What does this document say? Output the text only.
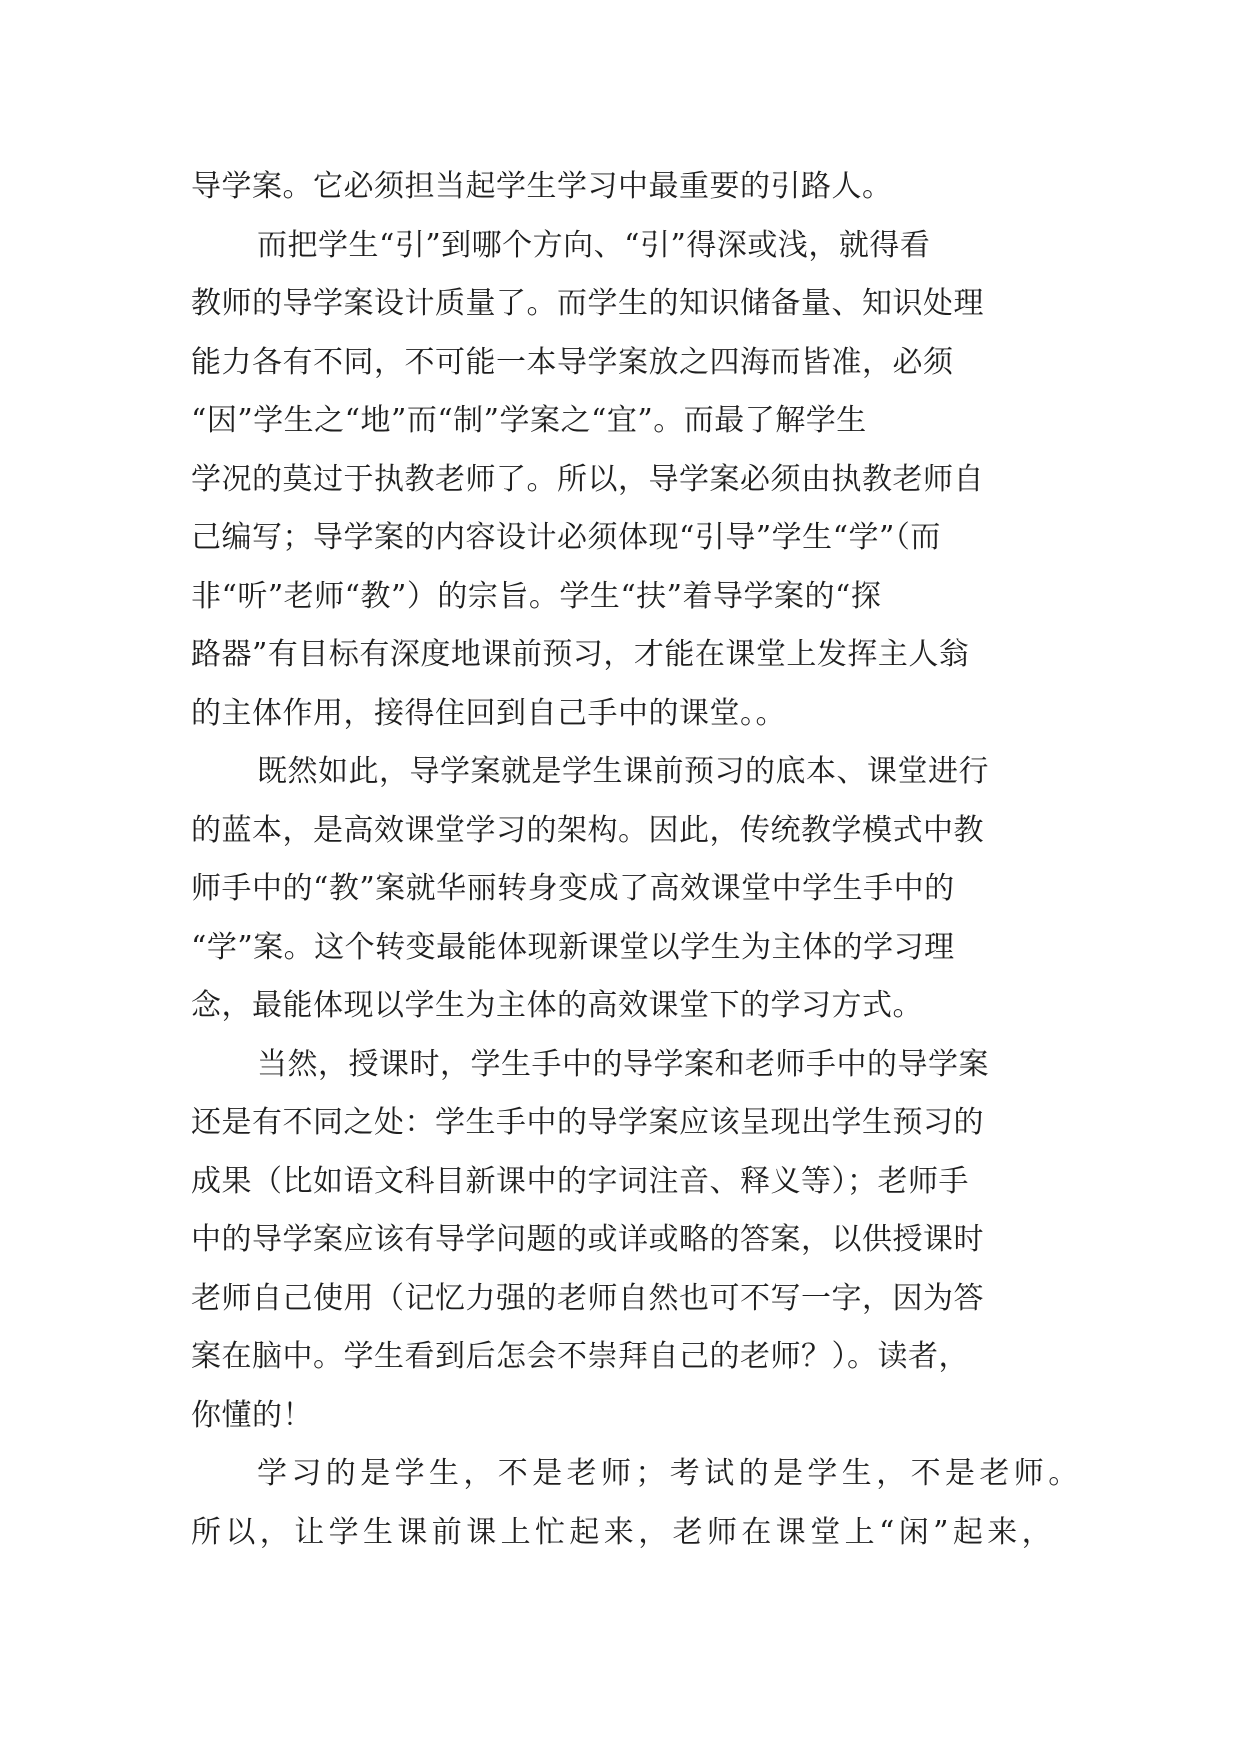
导学案。它必须担当起学生学习中最重要的引路人。
而把学生“引”到哪个方向、“引”得深或浅，就得看
教师的导学案设计质量了。而学生的知识储备量、知识处理
能力各有不同，不可能一本导学案放之四海而皆准，必须
“因”学生之“地”而“制”学案之“宜”。而最了解学生
学况的莫过于执教老师了。所以，导学案必须由执教老师自
己编写；导学案的内容设计必须体现“引导”学生“学”（而
非“听”老师“教”）的宗旨。学生“扶”着导学案的“探
路器”有目标有深度地课前预习，才能在课堂上发挥主人翁
的主体作用，接得住回到自己手中的课堂。。
既然如此，导学案就是学生课前预习的底本、课堂进行
的蓝本，是高效课堂学习的架构。因此，传统教学模式中教
师手中的“教”案就华丽转身变成了高效课堂中学生手中的
“学”案。这个转变最能体现新课堂以学生为主体的学习理
念，最能体现以学生为主体的高效课堂下的学习方式。
当然，授课时，学生手中的导学案和老师手中的导学案
还是有不同之处：学生手中的导学案应该呈现出学生预习的
成果（比如语文科目新课中的字词注音、释义等）；老师手
中的导学案应该有导学问题的或详或略的答案，以供授课时
老师自己使用（记忆力强的老师自然也可不写一字，因为答
案在脑中。学生看到后怎会不崇拜自己的老师？）。读者，
你懂的！
学习的是学生，不是老师；考试的是学生，不是老师。
所以，让学生课前课上忙起来，老师在课堂上“闲”起来，
